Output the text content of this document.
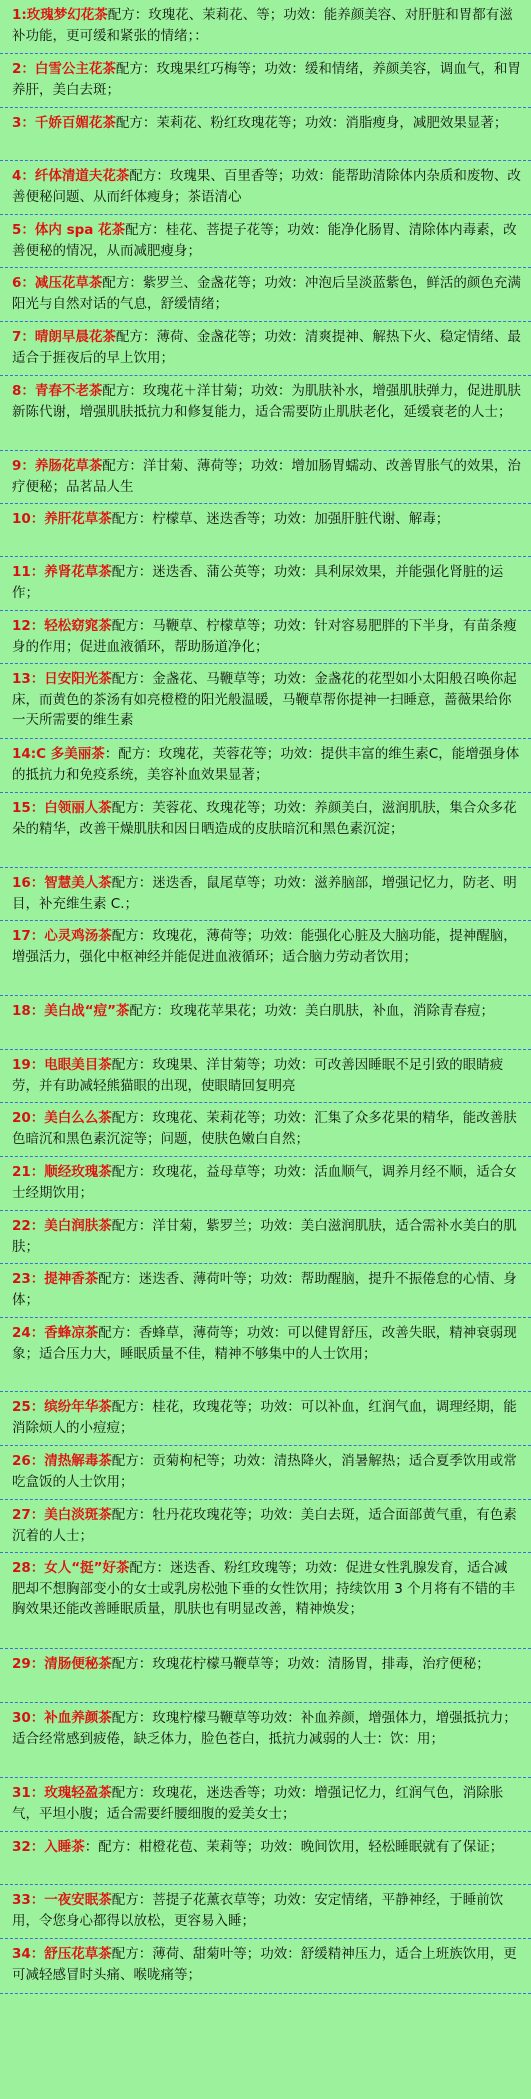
1:玫瑰梦幻花茶配方：玫瑰花、茉莉花、等；功效：能养颜美容、对肝脏和胃都有滋补功能，更可缓和紧张的情绪；：
2：白雪公主花茶配方：玫瑰果红巧梅等；功效：缓和情绪，养颜美容，调血气，和胃养肝，美白去斑；
3：千娇百媚花茶配方：茉莉花、粉红玫瑰花等；功效：消脂瘦身，减肥效果显著；
4：纤体清道夫花茶配方：玫瑰果、百里香等；功效：能帮助清除体内杂质和废物、改善便秘问题、从而纤体瘦身；茶语清心
5：体内 spa 花茶配方：桂花、菩提子花等；功效：能净化肠胃、清除体内毒素，改善便秘的情况，从而减肥瘦身；
6：减压花草茶配方：紫罗兰、金盏花等；功效：冲泡后呈淡蓝紫色，鲜活的颜色充满阳光与自然对话的气息，舒缓情绪；
7：晴朗早晨花茶配方：薄荷、金盏花等；功效：清爽提神、解热下火、稳定情绪、最适合于捱夜后的早上饮用；
8：青春不老茶配方：玫瑰花＋洋甘菊；功效：为肌肤补水，增强肌肤弹力，促进肌肤新陈代谢，增强肌肤抵抗力和修复能力，适合需要防止肌肤老化，延缓衰老的人士；
9：养肠花草茶配方：洋甘菊、薄荷等；功效：增加肠胃蠕动、改善胃胀气的效果，治疗便秘；品茗品人生
10：养肝花草茶配方：柠檬草、迷迭香等；功效：加强肝脏代谢、解毒；
11：养肾花草茶配方：迷迭香、蒲公英等；功效：具利尿效果，并能强化肾脏的运作；
12：轻松窈窕茶配方：马鞭草、柠檬草等；功效：针对容易肥胖的下半身，有苗条瘦身的作用；促进血液循环，帮助肠道净化；
13：日安阳光茶配方：金盏花、马鞭草等；功效：金盏花的花型如小太阳般召唤你起床，而黄色的茶汤有如亮橙橙的阳光般温暖，马鞭草帮你提神一扫睡意，蔷薇果给你一天所需要的维生素
14:C 多美丽茶：配方：玫瑰花，芙蓉花等；功效：提供丰富的维生素C，能增强身体的抵抗力和免疫系统，美容补血效果显著；
15：白领丽人茶配方：芙蓉花、玫瑰花等；功效：养颜美白，滋润肌肤，集合众多花朵的精华，改善干燥肌肤和因日晒造成的皮肤暗沉和黑色素沉淀；
16：智慧美人茶配方：迷迭香，鼠尾草等；功效：滋养脑部，增强记忆力，防老、明目，补充维生素 C.；
17：心灵鸡汤茶配方：玫瑰花，薄荷等；功效：能强化心脏及大脑功能，提神醒脑，增强活力，强化中枢神经并能促进血液循环；适合脑力劳动者饮用；
18：美白战“痘”茶配方：玫瑰花苹果花；功效：美白肌肤，补血，消除青春痘；
19：电眼美目茶配方：玫瑰果、洋甘菊等；功效：可改善因睡眠不足引致的眼睛疲劳，并有助减轻熊猫眼的出现，使眼睛回复明亮
20：美白么么茶配方：玫瑰花、茉莉花等；功效：汇集了众多花果的精华，能改善肤色暗沉和黑色素沉淀等；问题，使肤色嫩白自然；
21：顺经玫瑰茶配方：玫瑰花，益母草等；功效：活血顺气，调养月经不顺，适合女士经期饮用；
22：美白润肤茶配方：洋甘菊，紫罗兰；功效：美白滋润肌肤，适合需补水美白的肌肤；
23：提神香茶配方：迷迭香、薄荷叶等；功效：帮助醒脑，提升不振倦怠的心情、身体；
24：香蜂凉茶配方：香蜂草，薄荷等；功效：可以健胃舒压，改善失眠，精神衰弱现象；适合压力大，睡眠质量不佳，精神不够集中的人士饮用；
25：缤纷年华茶配方：桂花，玫瑰花等；功效：可以补血，红润气血，调理经期，能消除烦人的小痘痘；
26：清热解毒茶配方：贡菊枸杞等；功效：清热降火，消暑解热；适合夏季饮用或常吃盒饭的人士饮用；
27：美白淡斑茶配方：牡丹花玫瑰花等；功效：美白去斑，适合面部黄气重，有色素沉着的人士；
28：女人“挺”好茶配方：迷迭香、粉红玫瑰等；功效：促进女性乳腺发育，适合减肥却不想胸部变小的女士或乳房松弛下垂的女性饮用；持续饮用 3 个月将有不错的丰胸效果还能改善睡眠质量，肌肤也有明显改善，精神焕发；
29：清肠便秘茶配方：玫瑰花柠檬马鞭草等；功效：清肠胃，排毒，治疗便秘；
30：补血养颜茶配方：玫瑰柠檬马鞭草等功效：补血养颜，增强体力，增强抵抗力；适合经常感到疲倦，缺乏体力，脸色苍白，抵抗力减弱的人士：饮：用；
31：玫瑰轻盈茶配方：玫瑰花，迷迭香等；功效：增强记忆力，红润气色，消除胀气，平坦小腹；适合需要纤腰细腹的爱美女士；
32：入睡茶：配方：柑橙花苞、茉莉等；功效：晚间饮用，轻松睡眠就有了保证；
33：一夜安眠茶配方：菩提子花薰衣草等；功效：安定情绪，平静神经，于睡前饮用，令您身心都得以放松，更容易入睡；
34：舒压花草茶配方：薄荷、甜菊叶等；功效：舒缓精神压力，适合上班族饮用，更可减轻感冒时头痛、喉咙痛等；
